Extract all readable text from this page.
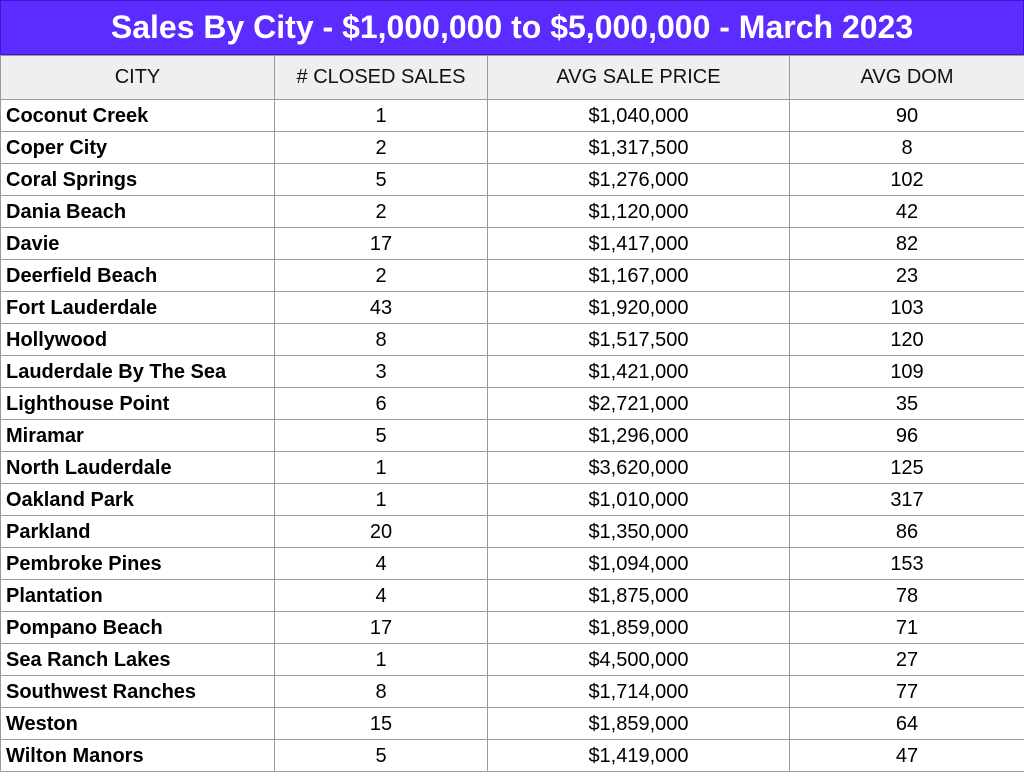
Sales By City - $1,000,000 to $5,000,000 - March 2023
CITY	# CLOSED SALES	AVG SALE PRICE	AVG DOM
Coconut Creek	1	$1,040,000	90
Coper City	2	$1,317,500	8
Coral Springs	5	$1,276,000	102
Dania Beach	2	$1,120,000	42
Davie	17	$1,417,000	82
Deerfield Beach	2	$1,167,000	23
Fort Lauderdale	43	$1,920,000	103
Hollywood	8	$1,517,500	120
Lauderdale By The Sea	3	$1,421,000	109
Lighthouse Point	6	$2,721,000	35
Miramar	5	$1,296,000	96
North Lauderdale	1	$3,620,000	125
Oakland Park	1	$1,010,000	317
Parkland	20	$1,350,000	86
Pembroke Pines	4	$1,094,000	153
Plantation	4	$1,875,000	78
Pompano Beach	17	$1,859,000	71
Sea Ranch Lakes	1	$4,500,000	27
Southwest Ranches	8	$1,714,000	77
Weston	15	$1,859,000	64
Wilton Manors	5	$1,419,000	47
